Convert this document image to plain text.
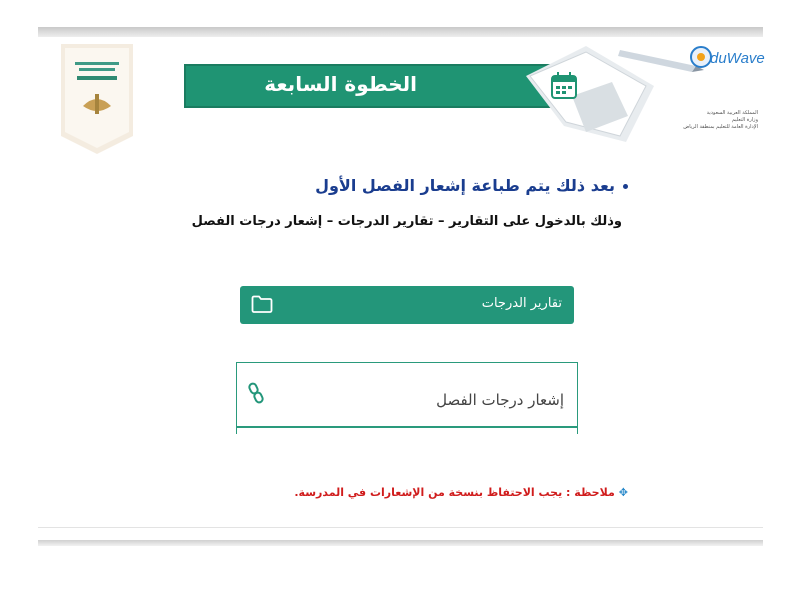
duWave
المملكة العربية السعودية
وزارة التعليم
الإدارة العامة للتعليم بمنطقة الرياض
الخطوة السابعة
بعد ذلك يتم طباعة إشعار الفصل الأول
وذلك بالدخول على التقارير – تقارير الدرجات – إشعار درجات الفصل
تقارير الدرجات
إشعار درجات الفصل
✥ملاحظة : يجب الاحتفاظ بنسخة من الإشعارات في المدرسة.
